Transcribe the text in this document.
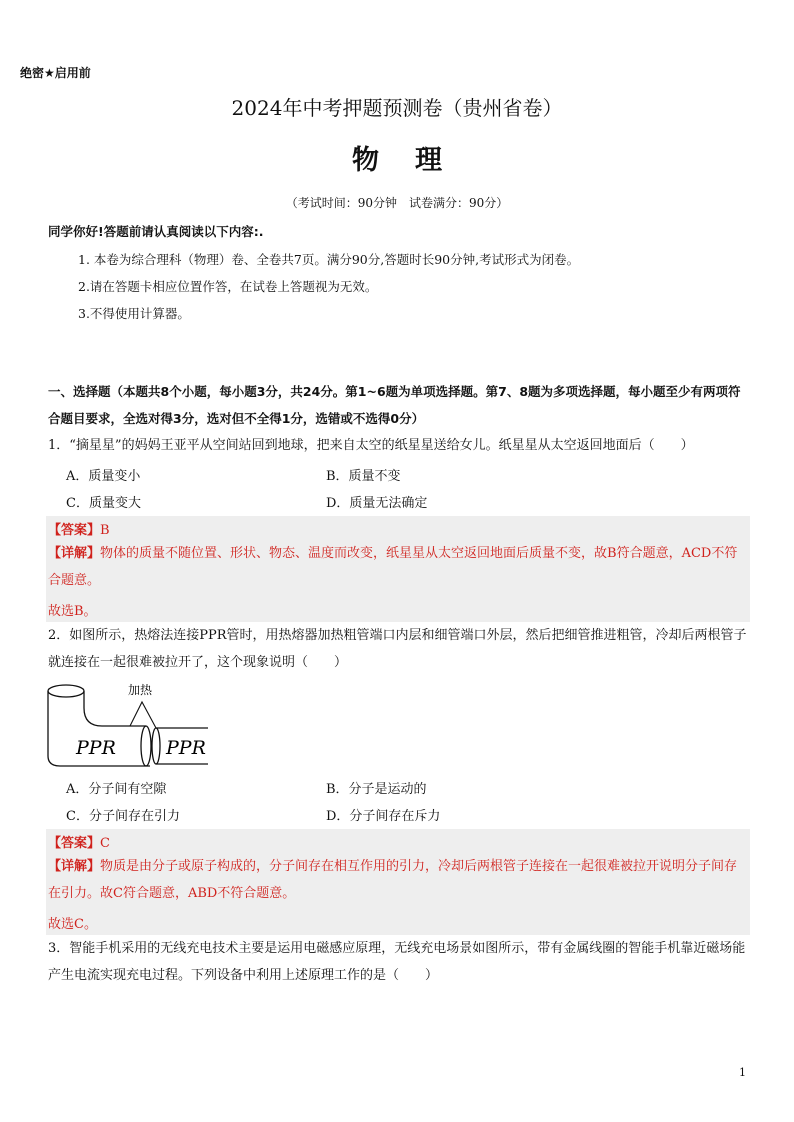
绝密★启用前
2024年中考押题预测卷（贵州省卷）
物理
（考试时间：90分钟　试卷满分：90分）
同学你好!答题前请认真阅读以下内容:.
1. 本卷为综合理科（物理）卷、全卷共7页。满分90分,答题时长90分钟,考试形式为闭卷。
2.请在答题卡相应位置作答，在试卷上答题视为无效。
3.不得使用计算器。
一、选择题（本题共8个小题，每小题3分，共24分。第1~6题为单项选择题。第7、8题为多项选择题，每小题至少有两项符合题目要求，全选对得3分，选对但不全得1分，选错或不选得0分）
1．“摘星星”的妈妈王亚平从空间站回到地球，把来自太空的纸星星送给女儿。纸星星从太空返回地面后（　　）
A．质量变小	B．质量不变
C．质量变大	D．质量无法确定
【答案】B
【详解】物体的质量不随位置、形状、物态、温度而改变，纸星星从太空返回地面后质量不变，故B符合题意，ACD不符合题意。
故选B。
2．如图所示，热熔法连接PPR管时，用热熔器加热粗管端口内层和细管端口外层，然后把细管推进粗管，冷却后两根管子就连接在一起很难被拉开了，这个现象说明（　　）
加热
PPR	PPR
A．分子间有空隙	B．分子是运动的
C．分子间存在引力	D．分子间存在斥力
【答案】C
【详解】物质是由分子或原子构成的，分子间存在相互作用的引力，冷却后两根管子连接在一起很难被拉开说明分子间存在引力。故C符合题意，ABD不符合题意。
故选C。
3．智能手机采用的无线充电技术主要是运用电磁感应原理，无线充电场景如图所示，带有金属线圈的智能手机靠近磁场能产生电流实现充电过程。下列设备中利用上述原理工作的是（　　）
1
